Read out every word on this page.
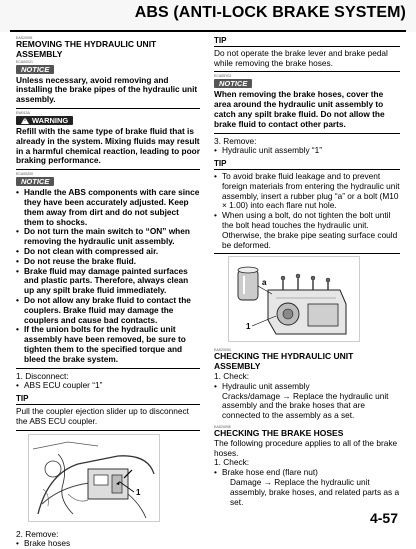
ABS (ANTI-LOCK BRAKE SYSTEM)
EAS20091
REMOVING THE HYDRAULIC UNIT
ASSEMBLY
ECA00021
NOTICE
Unless necessary, avoid removing and installing the brake pipes of the hydraulic unit assembly.
EW013A
! WARNING
Refill with the same type of brake fluid that is already in the system. Mixing fluids may result in a harmful chemical reaction, leading to poor braking performance.
ECA05Z00
NOTICE
• Handle the ABS components with care since they have been accurately adjusted. Keep them away from dirt and do not subject them to shocks.
• Do not turn the main switch to “ON” when removing the hydraulic unit assembly.
• Do not clean with compressed air.
• Do not reuse the brake fluid.
• Brake fluid may damage painted surfaces and plastic parts. Therefore, always clean up any spilt brake fluid immediately.
• Do not allow any brake fluid to contact the couplers. Brake fluid may damage the couplers and cause bad contacts.
• If the union bolts for the hydraulic unit assembly have been removed, be sure to tighten them to the specified torque and bleed the brake system.
1. Disconnect:
• ABS ECU coupler “1”
TIP
Pull the coupler ejection slider up to disconnect the ABS ECU coupler.
1
2. Remove:
• Brake hoses
TIP
Do not operate the brake lever and brake pedal while removing the brake hoses.
ECA05Y02
NOTICE
When removing the brake hoses, cover the area around the hydraulic unit assembly to catch any spilt brake fluid. Do not allow the brake fluid to contact other parts.
3. Remove:
• Hydraulic unit assembly “1”
TIP
• To avoid brake fluid leakage and to prevent foreign materials from entering the hydraulic unit assembly, insert a rubber plug “a” or a bolt (M10 × 1.00) into each flare nut hole.
• When using a bolt, do not tighten the bolt until the bolt head touches the hydraulic unit. Otherwise, the brake pipe seating surface could be deformed.
a
1
EAS20094
CHECKING THE HYDRAULIC UNIT
ASSEMBLY
1. Check:
• Hydraulic unit assembly
Cracks/damage → Replace the hydraulic unit assembly and the brake hoses that are connected to the assembly as a set.
EAS20095
CHECKING THE BRAKE HOSES
The following procedure applies to all of the brake hoses.
1. Check:
• Brake hose end (flare nut)
Damage → Replace the hydraulic unit assembly, brake hoses, and related parts as a set.
4-57
